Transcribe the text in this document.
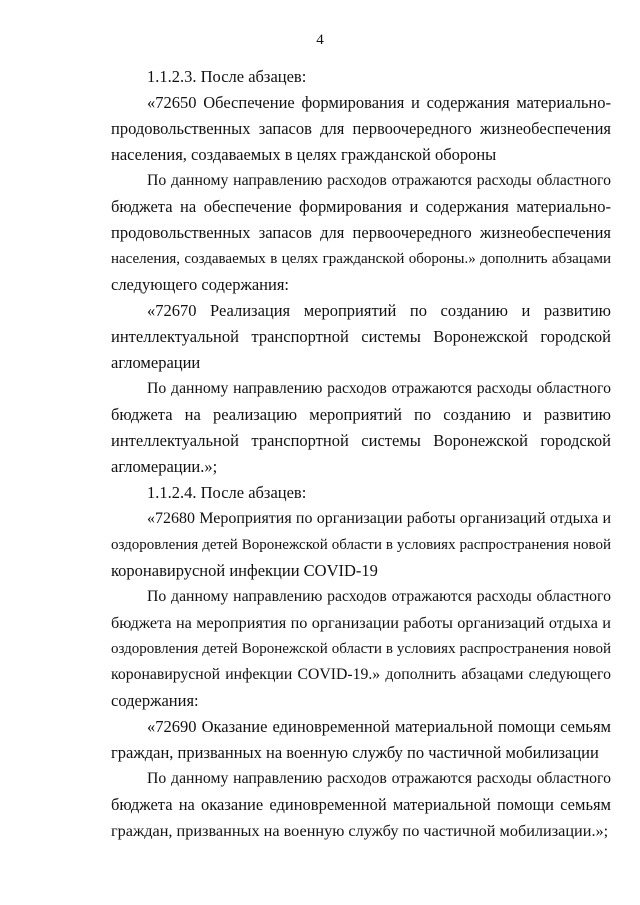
4
1.1.2.3. После абзацев:
«72650 Обеспечение формирования и содержания материально-
продовольственных запасов для первоочередного жизнеобеспечения
населения, создаваемых в целях гражданской обороны
По данному направлению расходов отражаются расходы областного
бюджета на обеспечение формирования и содержания материально-
продовольственных запасов для первоочередного жизнеобеспечения
населения, создаваемых в целях гражданской обороны.» дополнить абзацами
следующего содержания:
«72670 Реализация мероприятий по созданию и развитию
интеллектуальной транспортной системы Воронежской городской
агломерации
По данному направлению расходов отражаются расходы областного
бюджета на реализацию мероприятий по созданию и развитию
интеллектуальной транспортной системы Воронежской городской
агломерации.»;
1.1.2.4. После абзацев:
«72680 Мероприятия по организации работы организаций отдыха и
оздоровления детей Воронежской области в условиях распространения новой
коронавирусной инфекции COVID-19
По данному направлению расходов отражаются расходы областного
бюджета на мероприятия по организации работы организаций отдыха и
оздоровления детей Воронежской области в условиях распространения новой
коронавирусной инфекции COVID-19.» дополнить абзацами следующего
содержания:
«72690 Оказание единовременной материальной помощи семьям
граждан, призванных на военную службу по частичной мобилизации
По данному направлению расходов отражаются расходы областного
бюджета на оказание единовременной материальной помощи семьям
граждан, призванных на военную службу по частичной мобилизации.»;
